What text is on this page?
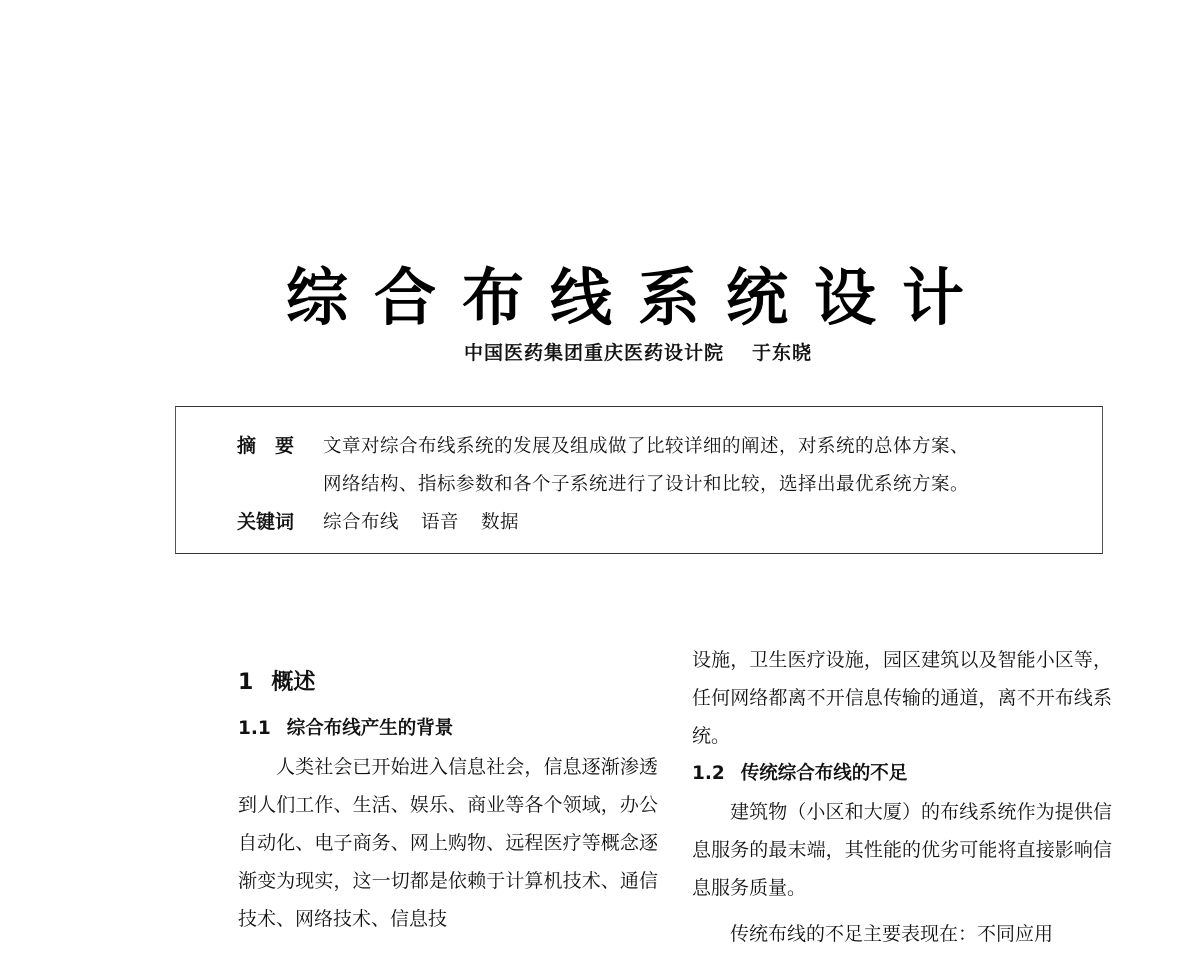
综合布线系统设计
中国医药集团重庆医药设计院 于东晓
摘　要 文章对综合布线系统的发展及组成做了比较详细的阐述，对系统的总体方案、
网络结构、指标参数和各个子系统进行了设计和比较，选择出最优系统方案。
关键词 综合布线 语音 数据
1 概述
1.1 综合布线产生的背景

人类社会已开始进入信息社会，信息逐渐渗透到人们工作、生活、娱乐、商业等各个领域，办公自动化、电子商务、网上购物、远程医疗等概念逐渐变为现实，这一切都是依赖于计算机技术、通信技术、网络技术、信息技

设施，卫生医疗设施，园区建筑以及智能小区等，任何网络都离不开信息传输的通道，离不开布线系统。

1.2 传统综合布线的不足

建筑物（小区和大厦）的布线系统作为提供信息服务的最末端，其性能的优劣可能将直接影响信息服务质量。

传统布线的不足主要表现在：不同应用
